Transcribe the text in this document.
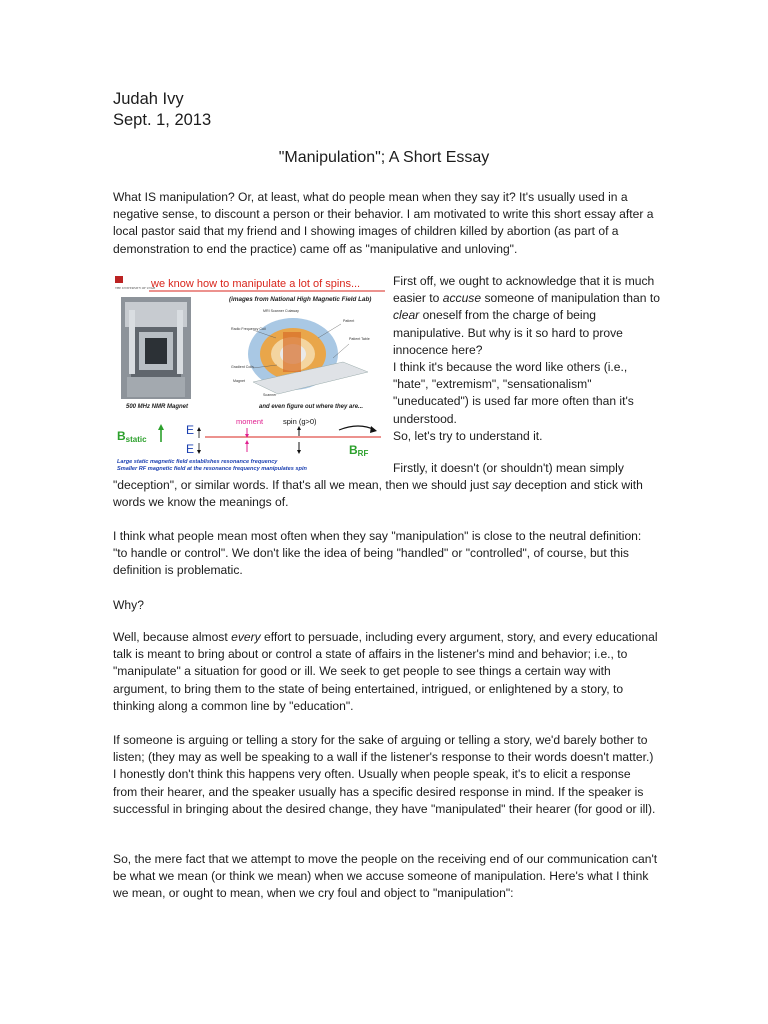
Judah Ivy
Sept. 1, 2013
"Manipulation"; A Short Essay

What IS manipulation? Or, at least, what do people mean when they say it? It's usually used in a negative sense, to discount a person or their behavior. I am motivated to write this short essay after a local pastor said that my friend and I showing images of children killed by abortion (as part of a demonstration to end the practice) came off as "manipulative and unloving".

THE UNIVERSITY OF UTAH
we know how to manipulate a lot of spins...
(images from National High Magnetic Field Lab)
500 MHz NMR Magnet
MRI Scanner Cutaway
Radio Frequency Coil
Patient
Patient Table
Gradient Coils
Magnet
Scanner
and even figure out where they are...
Bstatic
E
E
moment	spin (g>0)
BRF
Large static magnetic field establishes resonance frequency
Smaller RF magnetic field at the resonance frequency manipulates spin

First off, we ought to acknowledge that it is much easier to accuse someone of manipulation than to clear oneself from the charge of being manipulative. But why is it so hard to prove innocence here?

I think it's because the word like others (i.e., "hate", "extremism", "sensationalism" "uneducated") is used far more often than it's understood.

So, let's try to understand it.

Firstly, it doesn't (or shouldn't) mean simply

"deception", or similar words. If that's all we mean, then we should just say deception and stick with words we know the meanings of.

I think what people mean most often when they say "manipulation" is close to the neutral definition: "to handle or control". We don't like the idea of being "handled" or "controlled", of course, but this definition is problematic.

Why?

Well, because almost every effort to persuade, including every argument, story, and every educational talk is meant to bring about or control a state of affairs in the listener's mind and behavior; i.e., to "manipulate" a situation for good or ill. We seek to get people to see things a certain way with argument, to bring them to the state of being entertained, intrigued, or enlightened by a story, to thinking along a common line by "education".

If someone is arguing or telling a story for the sake of arguing or telling a story, we'd barely bother to listen; (they may as well be speaking to a wall if the listener's response to their words doesn't matter.) I honestly don't think this happens very often. Usually when people speak, it's to elicit a response from their hearer, and the speaker usually has a specific desired response in mind. If the speaker is successful in bringing about the desired change, they have "manipulated" their hearer (for good or ill).

So, the mere fact that we attempt to move the people on the receiving end of our communication can't be what we mean (or think we mean) when we accuse someone of manipulation. Here's what I think we mean, or ought to mean, when we cry foul and object to "manipulation":
